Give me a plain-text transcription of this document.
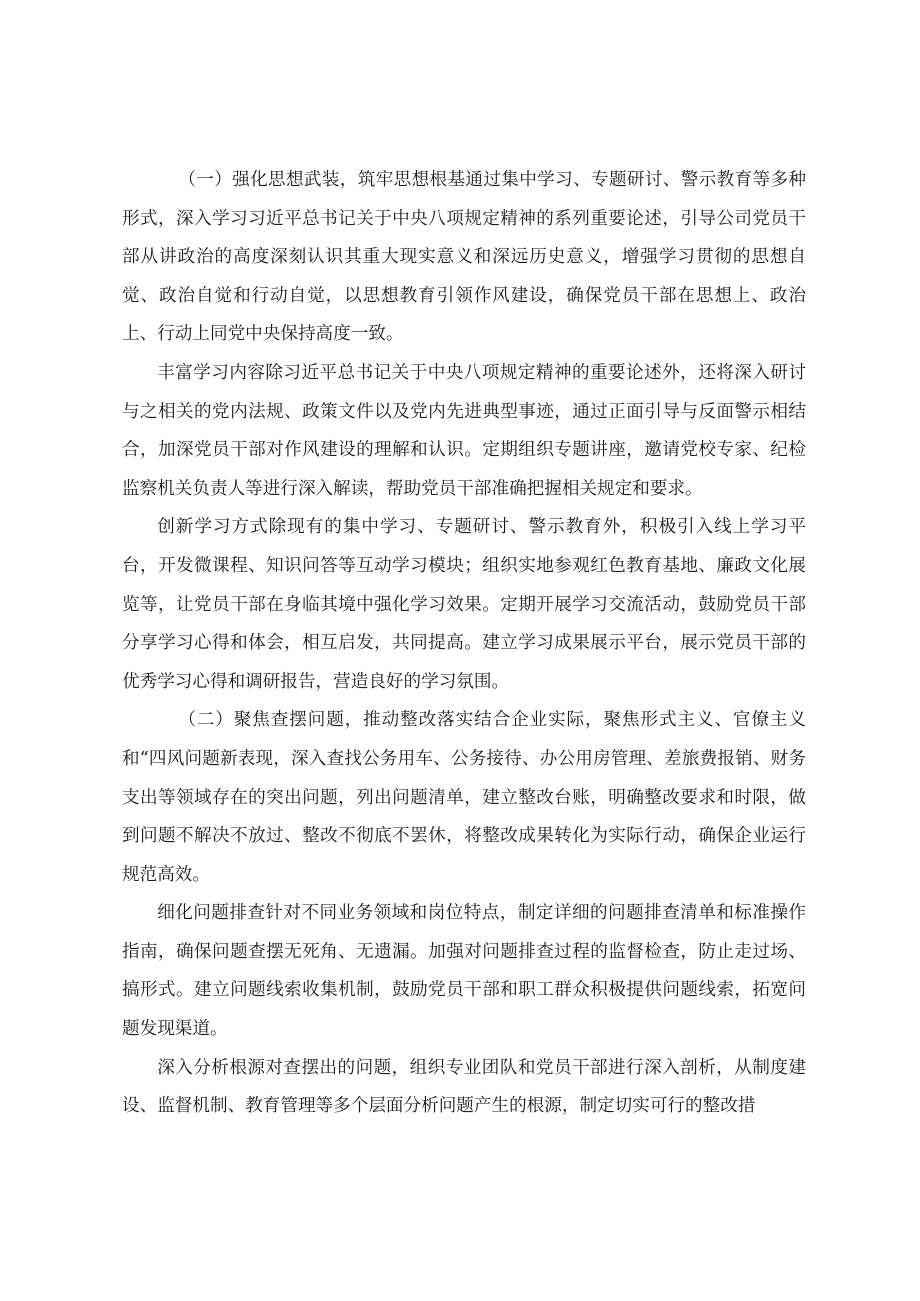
（一）强化思想武装，筑牢思想根基通过集中学习、专题研讨、警示教育等多种形式，深入学习习近平总书记关于中央八项规定精神的系列重要论述，引导公司党员干部从讲政治的高度深刻认识其重大现实意义和深远历史意义，增强学习贯彻的思想自觉、政治自觉和行动自觉，以思想教育引领作风建设，确保党员干部在思想上、政治上、行动上同党中央保持高度一致。

丰富学习内容除习近平总书记关于中央八项规定精神的重要论述外，还将深入研讨与之相关的党内法规、政策文件以及党内先进典型事迹，通过正面引导与反面警示相结合，加深党员干部对作风建设的理解和认识。定期组织专题讲座，邀请党校专家、纪检监察机关负责人等进行深入解读，帮助党员干部准确把握相关规定和要求。

创新学习方式除现有的集中学习、专题研讨、警示教育外，积极引入线上学习平台，开发微课程、知识问答等互动学习模块；组织实地参观红色教育基地、廉政文化展览等，让党员干部在身临其境中强化学习效果。定期开展学习交流活动，鼓励党员干部分享学习心得和体会，相互启发，共同提高。建立学习成果展示平台，展示党员干部的优秀学习心得和调研报告，营造良好的学习氛围。

（二）聚焦查摆问题，推动整改落实结合企业实际，聚焦形式主义、官僚主义和“四风问题新表现，深入查找公务用车、公务接待、办公用房管理、差旅费报销、财务支出等领域存在的突出问题，列出问题清单，建立整改台账，明确整改要求和时限，做到问题不解决不放过、整改不彻底不罢休，将整改成果转化为实际行动，确保企业运行规范高效。

细化问题排查针对不同业务领域和岗位特点，制定详细的问题排查清单和标准操作指南，确保问题查摆无死角、无遗漏。加强对问题排查过程的监督检查，防止走过场、搞形式。建立问题线索收集机制，鼓励党员干部和职工群众积极提供问题线索，拓宽问题发现渠道。

深入分析根源对查摆出的问题，组织专业团队和党员干部进行深入剖析，从制度建设、监督机制、教育管理等多个层面分析问题产生的根源，制定切实可行的整改措
